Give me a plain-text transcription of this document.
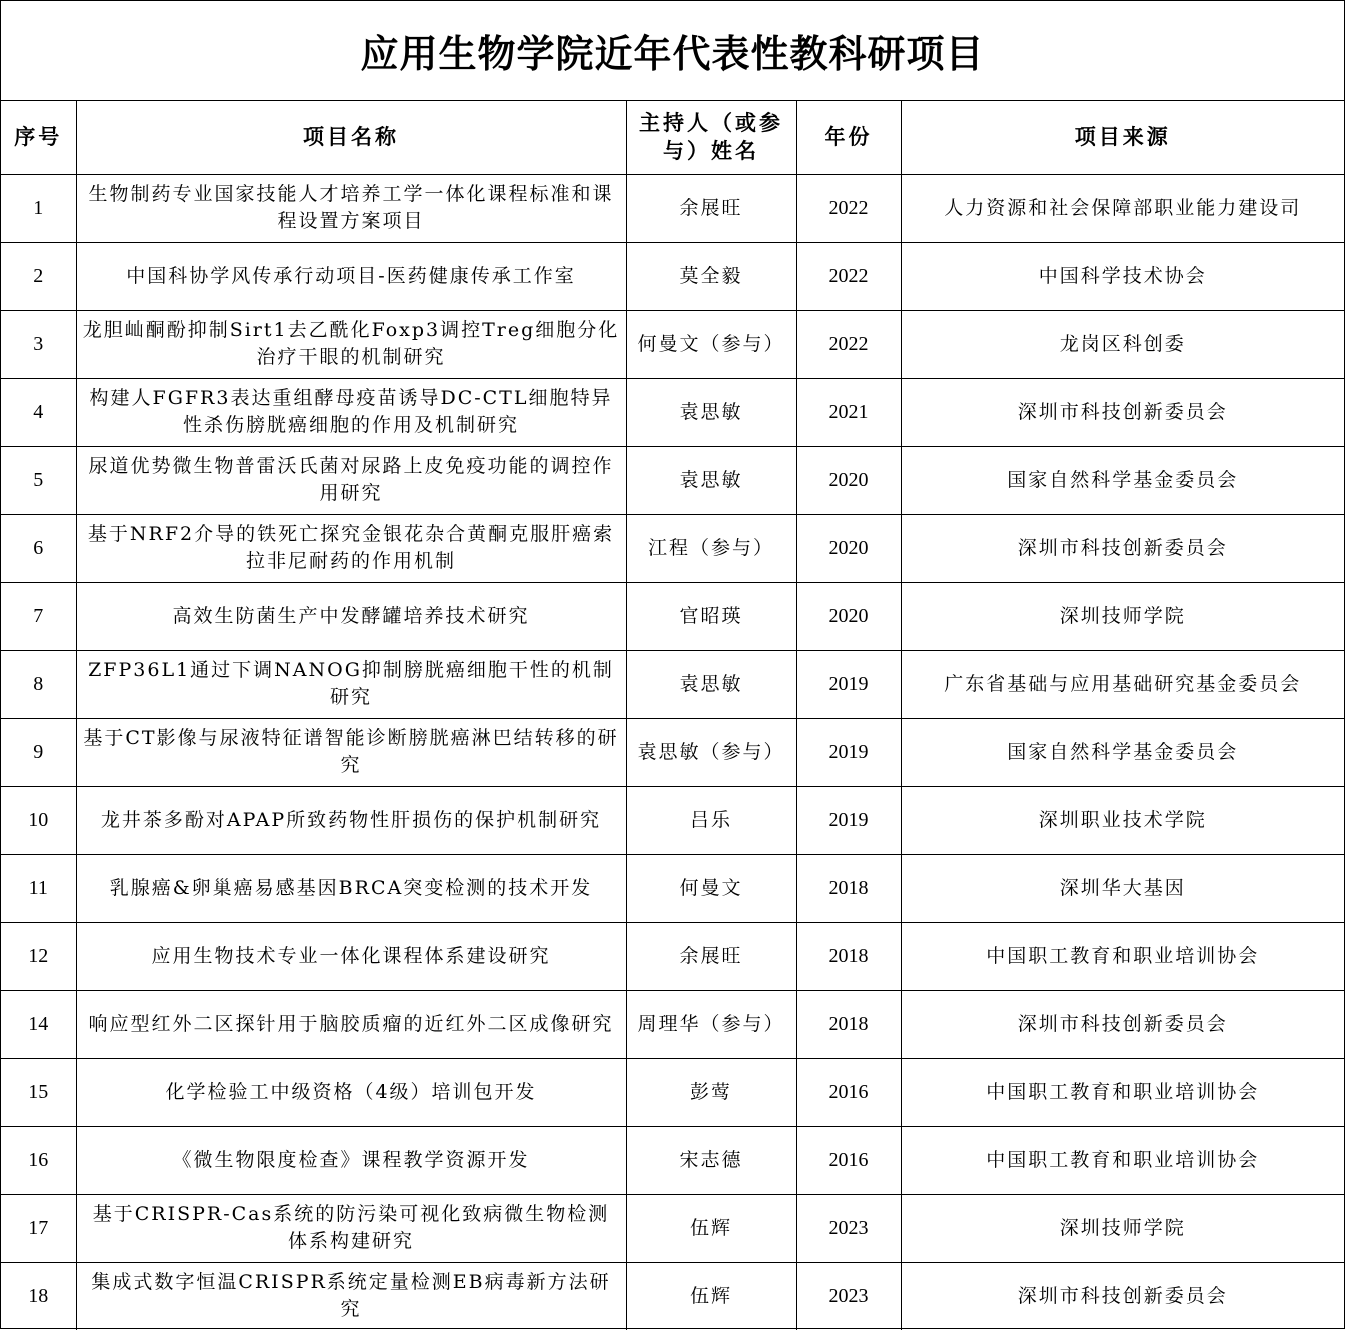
应用生物学院近年代表性教科研项目
序号	项目名称	主持人（或参与）姓名	年份	项目来源
1	生物制药专业国家技能人才培养工学一体化课程标准和课程设置方案项目	余展旺	2022	人力资源和社会保障部职业能力建设司
2	中国科协学风传承行动项目-医药健康传承工作室	莫全毅	2022	中国科学技术协会
3	龙胆屾酮酚抑制Sirt1去乙酰化Foxp3调控Treg细胞分化治疗干眼的机制研究	何曼文（参与）	2022	龙岗区科创委
4	构建人FGFR3表达重组酵母疫苗诱导DC-CTL细胞特异性杀伤膀胱癌细胞的作用及机制研究	袁思敏	2021	深圳市科技创新委员会
5	尿道优势微生物普雷沃氏菌对尿路上皮免疫功能的调控作用研究	袁思敏	2020	国家自然科学基金委员会
6	基于NRF2介导的铁死亡探究金银花杂合黄酮克服肝癌索拉非尼耐药的作用机制	江程（参与）	2020	深圳市科技创新委员会
7	高效生防菌生产中发酵罐培养技术研究	官昭瑛	2020	深圳技师学院
8	ZFP36L1通过下调NANOG抑制膀胱癌细胞干性的机制研究	袁思敏	2019	广东省基础与应用基础研究基金委员会
9	基于CT影像与尿液特征谱智能诊断膀胱癌淋巴结转移的研究	袁思敏（参与）	2019	国家自然科学基金委员会
10	龙井茶多酚对APAP所致药物性肝损伤的保护机制研究	吕乐	2019	深圳职业技术学院
11	乳腺癌&卵巢癌易感基因BRCA突变检测的技术开发	何曼文	2018	深圳华大基因
12	应用生物技术专业一体化课程体系建设研究	余展旺	2018	中国职工教育和职业培训协会
14	响应型红外二区探针用于脑胶质瘤的近红外二区成像研究	周理华（参与）	2018	深圳市科技创新委员会
15	化学检验工中级资格（4级）培训包开发	彭莺	2016	中国职工教育和职业培训协会
16	《微生物限度检查》课程教学资源开发	宋志德	2016	中国职工教育和职业培训协会
17	基于CRISPR-Cas系统的防污染可视化致病微生物检测体系构建研究	伍辉	2023	深圳技师学院
18	集成式数字恒温CRISPR系统定量检测EB病毒新方法研究	伍辉	2023	深圳市科技创新委员会
